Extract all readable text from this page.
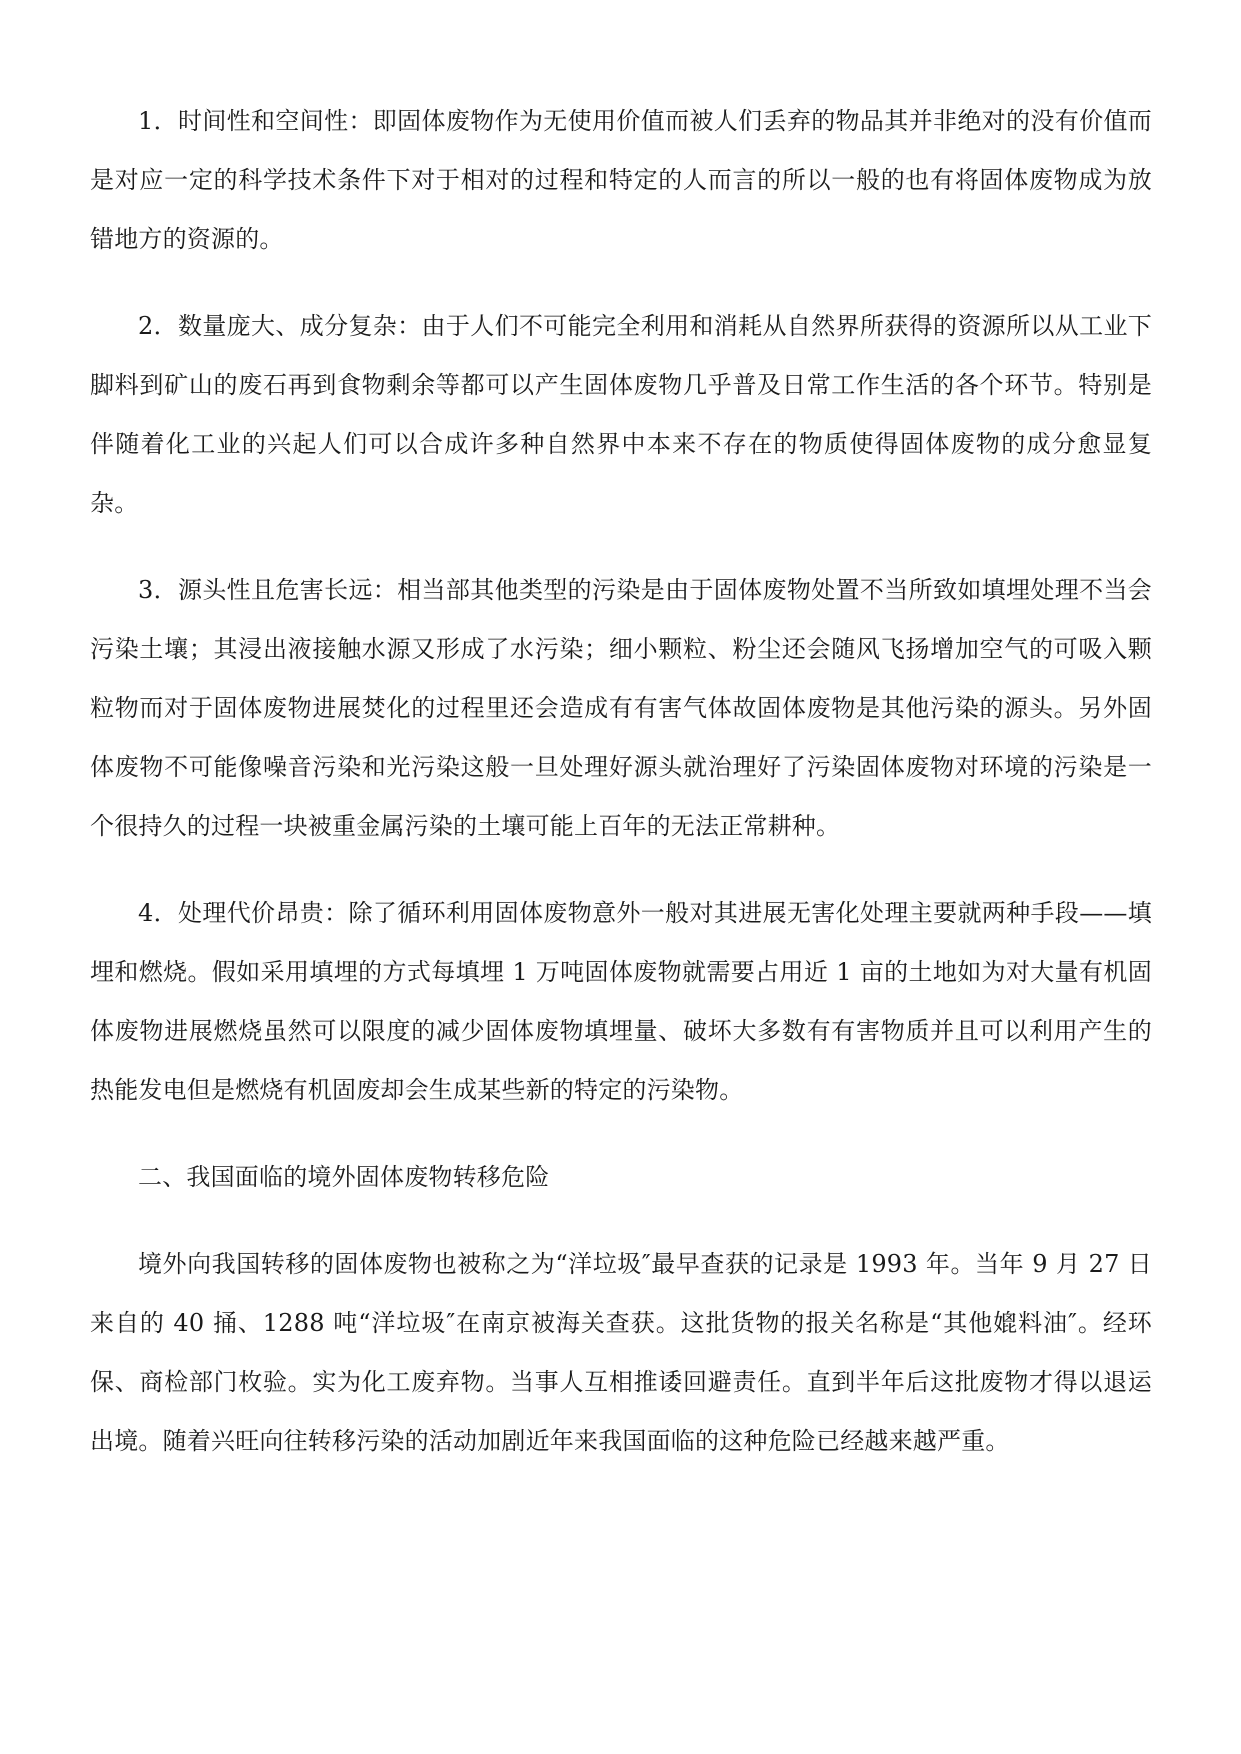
1．时间性和空间性：即固体废物作为无使用价值而被人们丢弃的物品其并非绝对的没有价值而是对应一定的科学技术条件下对于相对的过程和特定的人而言的所以一般的也有将固体废物成为放错地方的资源的。

2．数量庞大、成分复杂：由于人们不可能完全利用和消耗从自然界所获得的资源所以从工业下脚料到矿山的废石再到食物剩余等都可以产生固体废物几乎普及日常工作生活的各个环节。特别是伴随着化工业的兴起人们可以合成许多种自然界中本来不存在的物质使得固体废物的成分愈显复杂。

3．源头性且危害长远：相当部其他类型的污染是由于固体废物处置不当所致如填埋处理不当会污染土壤；其浸出液接触水源又形成了水污染；细小颗粒、粉尘还会随风飞扬增加空气的可吸入颗粒物而对于固体废物进展焚化的过程里还会造成有有害气体故固体废物是其他污染的源头。另外固体废物不可能像噪音污染和光污染这般一旦处理好源头就治理好了污染固体废物对环境的污染是一个很持久的过程一块被重金属污染的土壤可能上百年的无法正常耕种。

4．处理代价昂贵：除了循环利用固体废物意外一般对其进展无害化处理主要就两种手段——填埋和燃烧。假如采用填埋的方式每填埋 1 万吨固体废物就需要占用近 1 亩的土地如为对大量有机固体废物进展燃烧虽然可以限度的减少固体废物填埋量、破坏大多数有有害物质并且可以利用产生的热能发电但是燃烧有机固废却会生成某些新的特定的污染物。

二、我国面临的境外固体废物转移危险

境外向我国转移的固体废物也被称之为“洋垃圾″最早查获的记录是 1993 年。当年 9 月 27 日来自的 40 捅、1288 吨“洋垃圾″在南京被海关查获。这批货物的报关名称是“其他媲料油″。经环保、商检部门枚验。实为化工废弃物。当事人互相推诿回避责任。直到半年后这批废物才得以退运出境。随着兴旺向往转移污染的活动加剧近年来我国面临的这种危险已经越来越严重。
